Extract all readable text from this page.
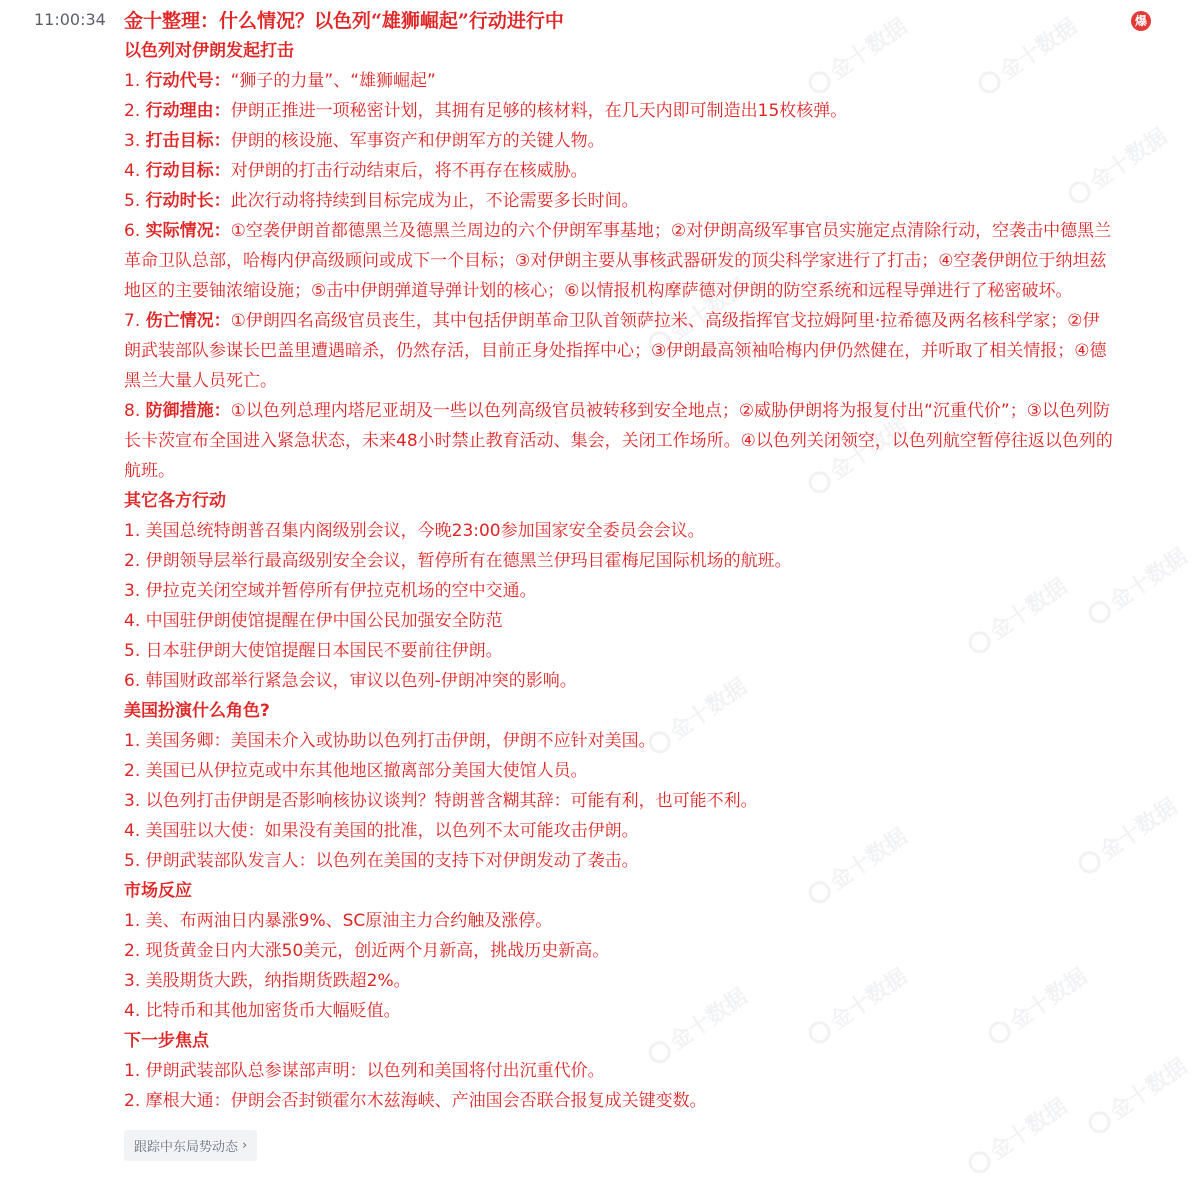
金十数据	金十数据
金十数据
金十数据
金十数据
金十数据 金十数据
金十数据
金十数据	金十数据
金十数据	金十数据	金十数据
金十数据
金十数据
11:00:34	爆
金十整理：什么情况？以色列“雄狮崛起”行动进行中
以色列对伊朗发起打击
1. 行动代号：“狮子的力量”、“雄狮崛起”
2. 行动理由：伊朗正推进一项秘密计划，其拥有足够的核材料，在几天内即可制造出15枚核弹。
3. 打击目标：伊朗的核设施、军事资产和伊朗军方的关键人物。
4. 行动目标：对伊朗的打击行动结束后，将不再存在核威胁。
5. 行动时长：此次行动将持续到目标完成为止，不论需要多长时间。
6. 实际情况：①空袭伊朗首都德黑兰及德黑兰周边的六个伊朗军事基地；②对伊朗高级军事官员实施定点清除行动，空袭击中德黑兰革命卫队总部，哈梅内伊高级顾问或成下一个目标；③对伊朗主要从事核武器研发的顶尖科学家进行了打击；④空袭伊朗位于纳坦兹地区的主要铀浓缩设施；⑤击中伊朗弹道导弹计划的核心；⑥以情报机构摩萨德对伊朗的防空系统和远程导弹进行了秘密破坏。
7. 伤亡情况：①伊朗四名高级官员丧生，其中包括伊朗革命卫队首领萨拉米、高级指挥官戈拉姆阿里·拉希德及两名核科学家；②伊朗武装部队参谋长巴盖里遭遇暗杀，仍然存活，目前正身处指挥中心；③伊朗最高领袖哈梅内伊仍然健在，并听取了相关情报；④德黑兰大量人员死亡。
8. 防御措施：①以色列总理内塔尼亚胡及一些以色列高级官员被转移到安全地点；②威胁伊朗将为报复付出“沉重代价”；③以色列防长卡茨宣布全国进入紧急状态，未来48小时禁止教育活动、集会，关闭工作场所。④以色列关闭领空，以色列航空暂停往返以色列的航班。
其它各方行动
1. 美国总统特朗普召集内阁级别会议，今晚23:00参加国家安全委员会会议。
2. 伊朗领导层举行最高级别安全会议，暂停所有在德黑兰伊玛目霍梅尼国际机场的航班。
3. 伊拉克关闭空域并暂停所有伊拉克机场的空中交通。
4. 中国驻伊朗使馆提醒在伊中国公民加强安全防范
5. 日本驻伊朗大使馆提醒日本国民不要前往伊朗。
6. 韩国财政部举行紧急会议，审议以色列-伊朗冲突的影响。
美国扮演什么角色?
1. 美国务卿：美国未介入或协助以色列打击伊朗，伊朗不应针对美国。
2. 美国已从伊拉克或中东其他地区撤离部分美国大使馆人员。
3. 以色列打击伊朗是否影响核协议谈判？特朗普含糊其辞：可能有利，也可能不利。
4. 美国驻以大使：如果没有美国的批准，以色列不太可能攻击伊朗。
5. 伊朗武装部队发言人：以色列在美国的支持下对伊朗发动了袭击。
市场反应
1. 美、布两油日内暴涨9%、SC原油主力合约触及涨停。
2. 现货黄金日内大涨50美元，创近两个月新高，挑战历史新高。
3. 美股期货大跌，纳指期货跌超2%。
4. 比特币和其他加密货币大幅贬值。
下一步焦点
1. 伊朗武装部队总参谋部声明：以色列和美国将付出沉重代价。
2. 摩根大通：伊朗会否封锁霍尔木兹海峡、产油国会否联合报复成关键变数。
跟踪中东局势动态 ›
